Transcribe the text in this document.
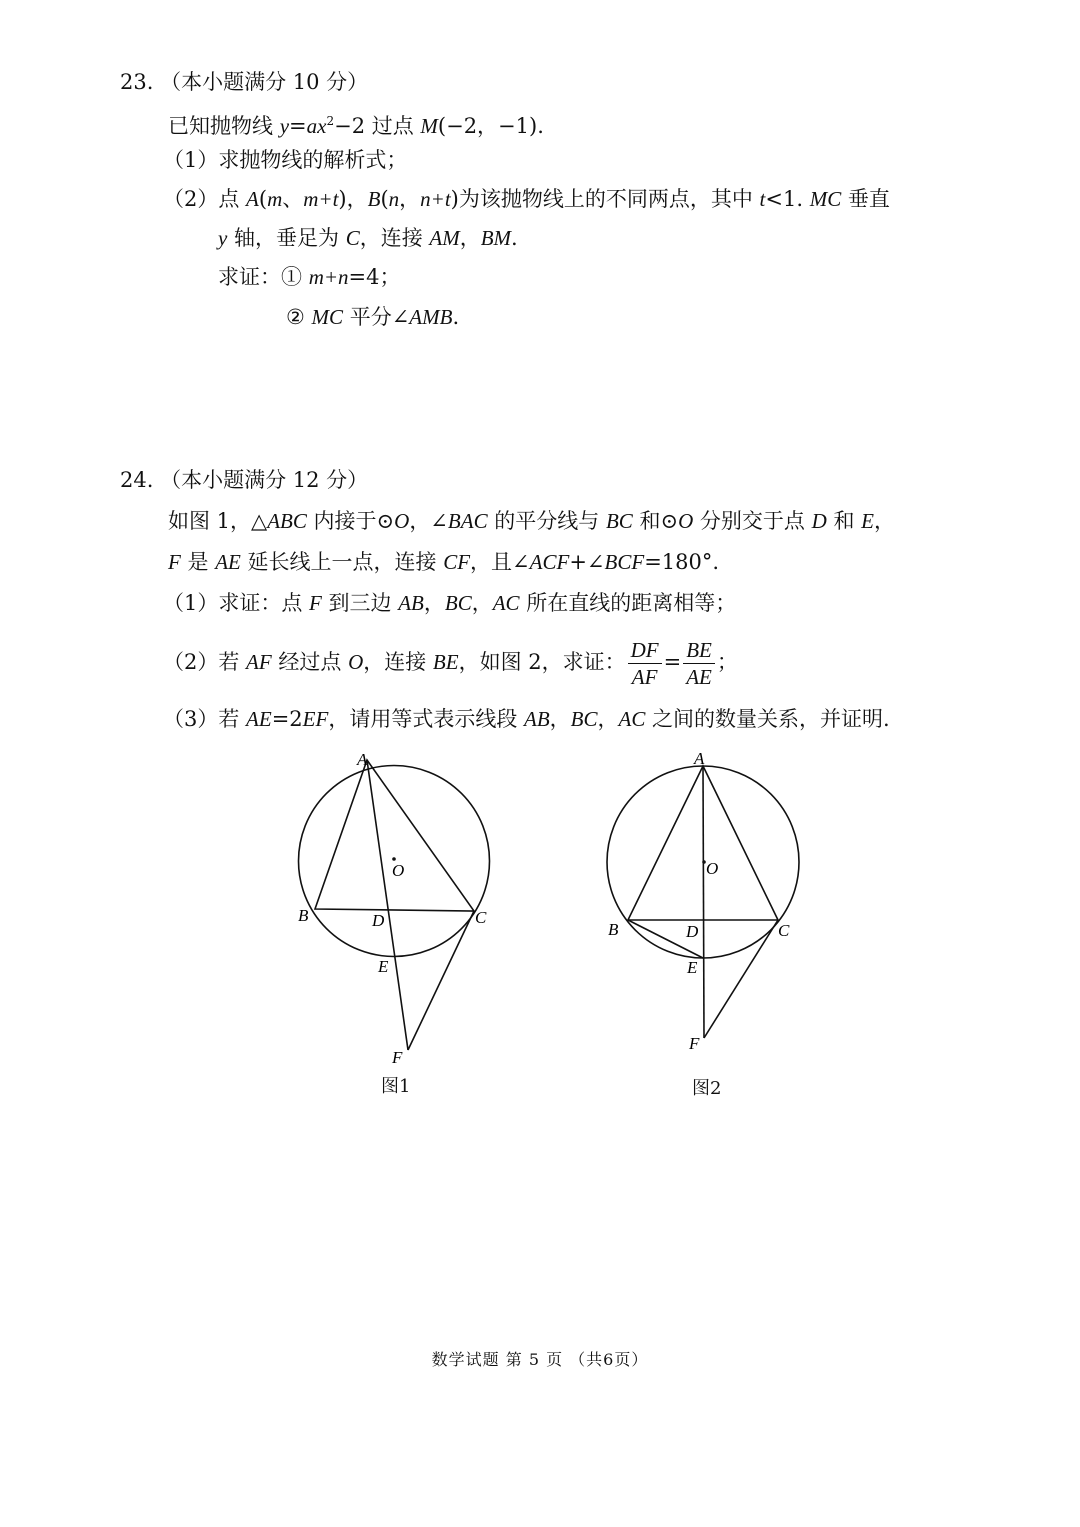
23. （本小题满分 10 分）
已知抛物线 $y=ax^2-2$ 过点 M(−2，−1).
（1）求抛物线的解析式；
（2）点 A(m、m+t)，B(n，n+t)为该抛物线上的不同两点，其中 t<1. MC 垂直
y 轴，垂足为 C，连接 AM，BM.
求证：① m+n=4；
② MC 平分∠AMB.
24. （本小题满分 12 分）
如图 1，△ABC 内接于⊙O，∠BAC 的平分线与 BC 和⊙O 分别交于点 D 和 E，
F 是 AE 延长线上一点，连接 CF，且∠ACF+∠BCF=180°.
（1）求证：点 F 到三边 AB，BC，AC 所在直线的距离相等；
（2）若 AF 经过点 O，连接 BE，如图 2，求证： $\frac{DF}{AF} = \frac{BE}{AE}$ ；
（3）若 AE=2EF，请用等式表示线段 AB，BC，AC 之间的数量关系，并证明.
A
B	C
D
E
F
O
图1
A
B	C
D
E
F
O
图2
数学试题 第 5 页 （共6页）
